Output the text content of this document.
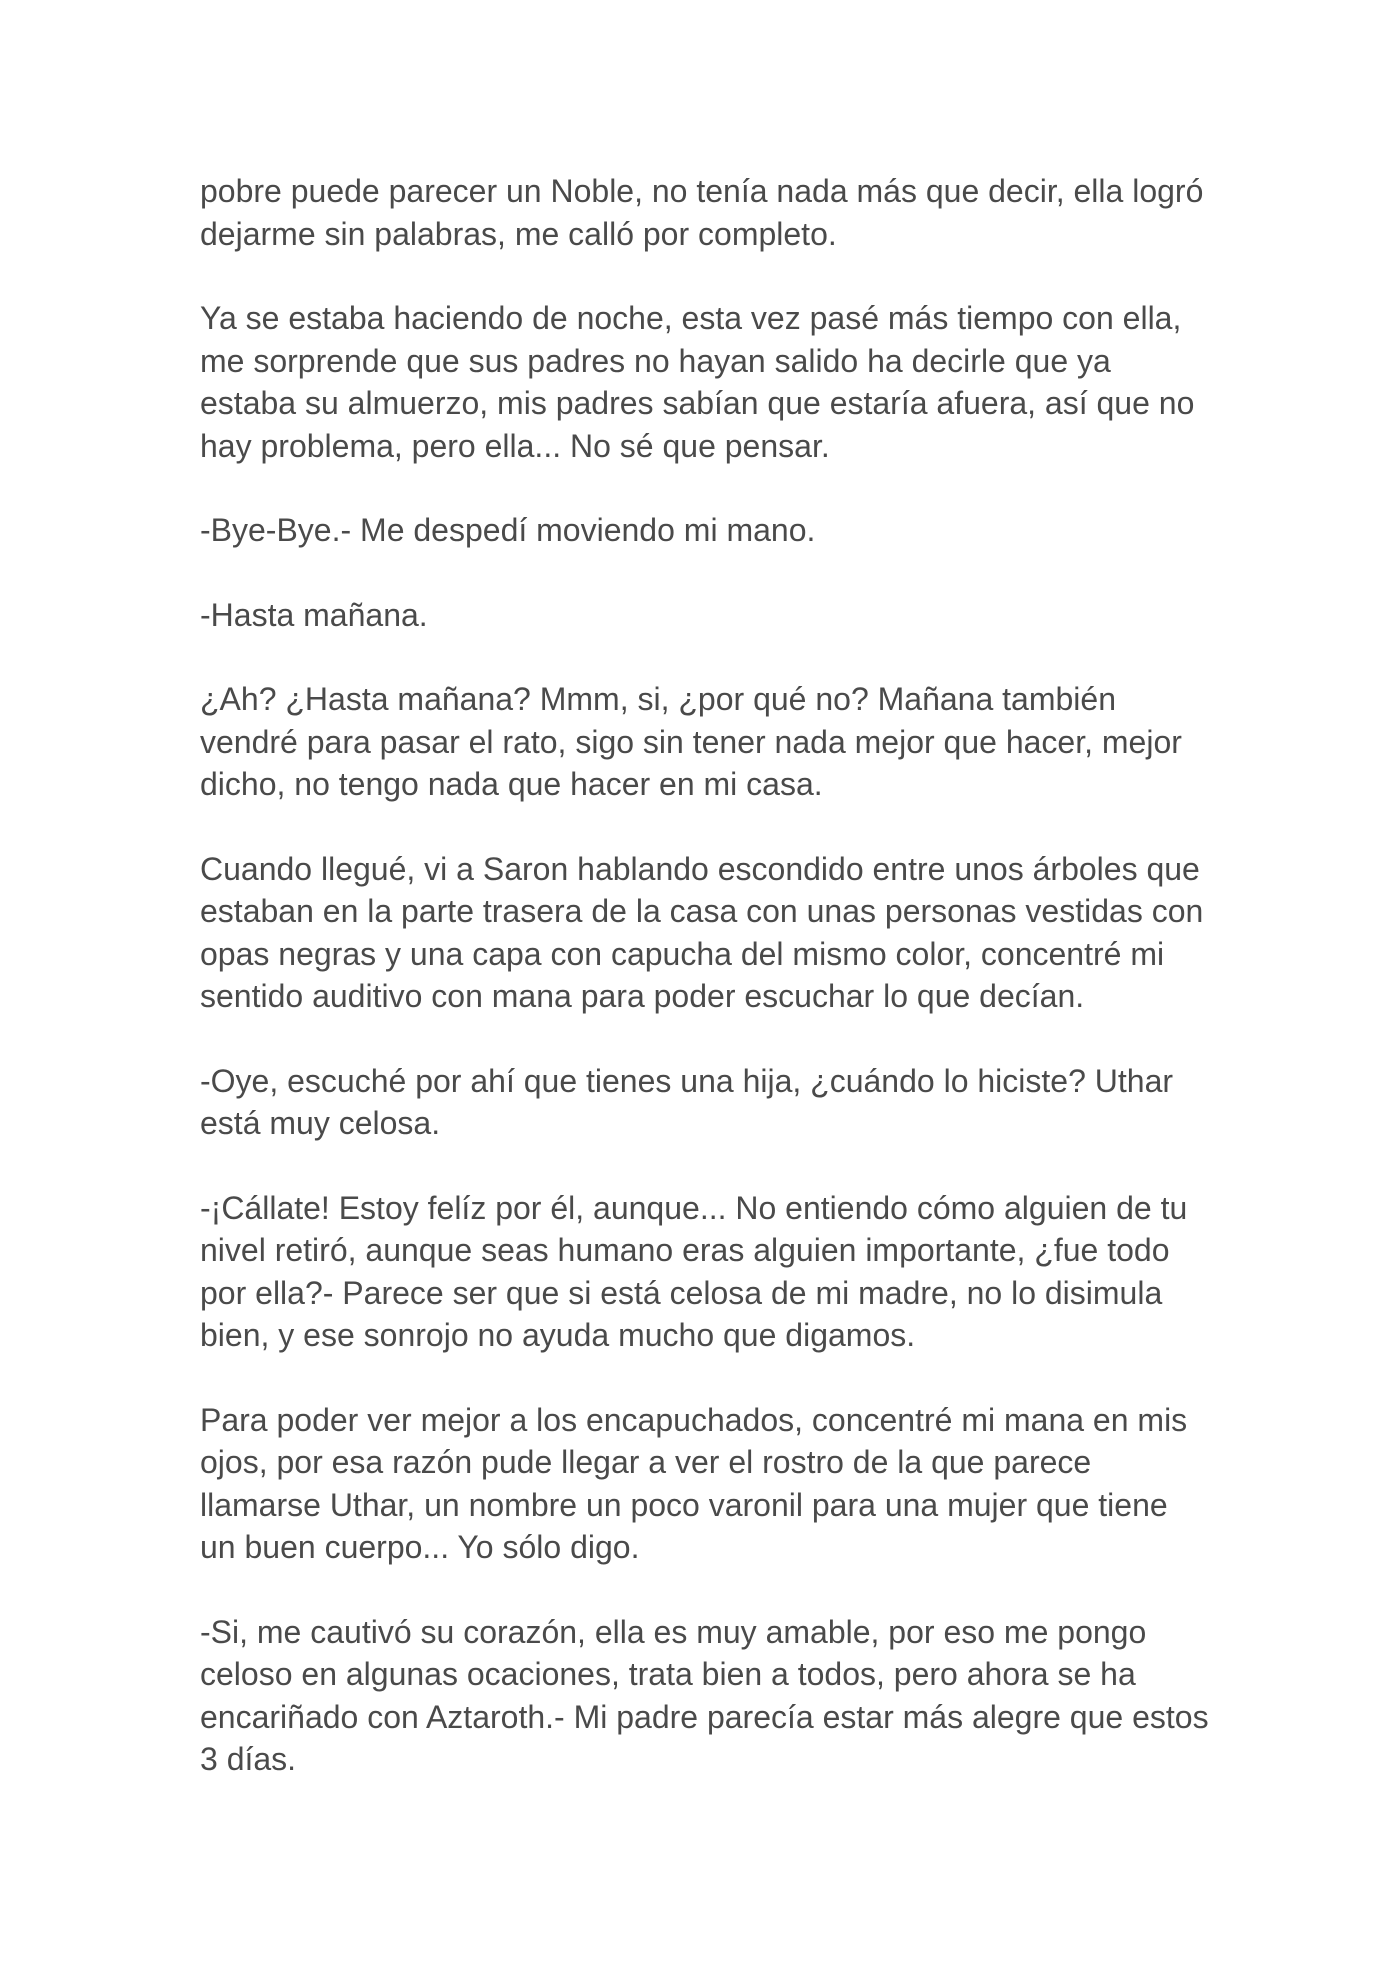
pobre puede parecer un Noble, no tenía nada más que decir, ella logró dejarme sin palabras, me calló por completo.

Ya se estaba haciendo de noche, esta vez pasé más tiempo con ella, me sorprende que sus padres no hayan salido ha decirle que ya estaba su almuerzo, mis padres sabían que estaría afuera, así que no hay problema, pero ella... No sé que pensar.

-Bye-Bye.- Me despedí moviendo mi mano.

-Hasta mañana.

¿Ah? ¿Hasta mañana? Mmm, si, ¿por qué no? Mañana también vendré para pasar el rato, sigo sin tener nada mejor que hacer, mejor dicho, no tengo nada que hacer en mi casa.

Cuando llegué, vi a Saron hablando escondido entre unos árboles que estaban en la parte trasera de la casa con unas personas vestidas con opas negras y una capa con capucha del mismo color, concentré mi sentido auditivo con mana para poder escuchar lo que decían.

-Oye, escuché por ahí que tienes una hija, ¿cuándo lo hiciste? Uthar está muy celosa.

-¡Cállate! Estoy felíz por él, aunque... No entiendo cómo alguien de tu nivel retiró, aunque seas humano eras alguien importante, ¿fue todo por ella?- Parece ser que si está celosa de mi madre, no lo disimula bien, y ese sonrojo no ayuda mucho que digamos.

Para poder ver mejor a los encapuchados, concentré mi mana en mis ojos, por esa razón pude llegar a ver el rostro de la que parece llamarse Uthar, un nombre un poco varonil para una mujer que tiene un buen cuerpo... Yo sólo digo.

-Si, me cautivó su corazón, ella es muy amable, por eso me pongo celoso en algunas ocaciones, trata bien a todos, pero ahora se ha encariñado con Aztaroth.- Mi padre parecía estar más alegre que estos 3 días.
